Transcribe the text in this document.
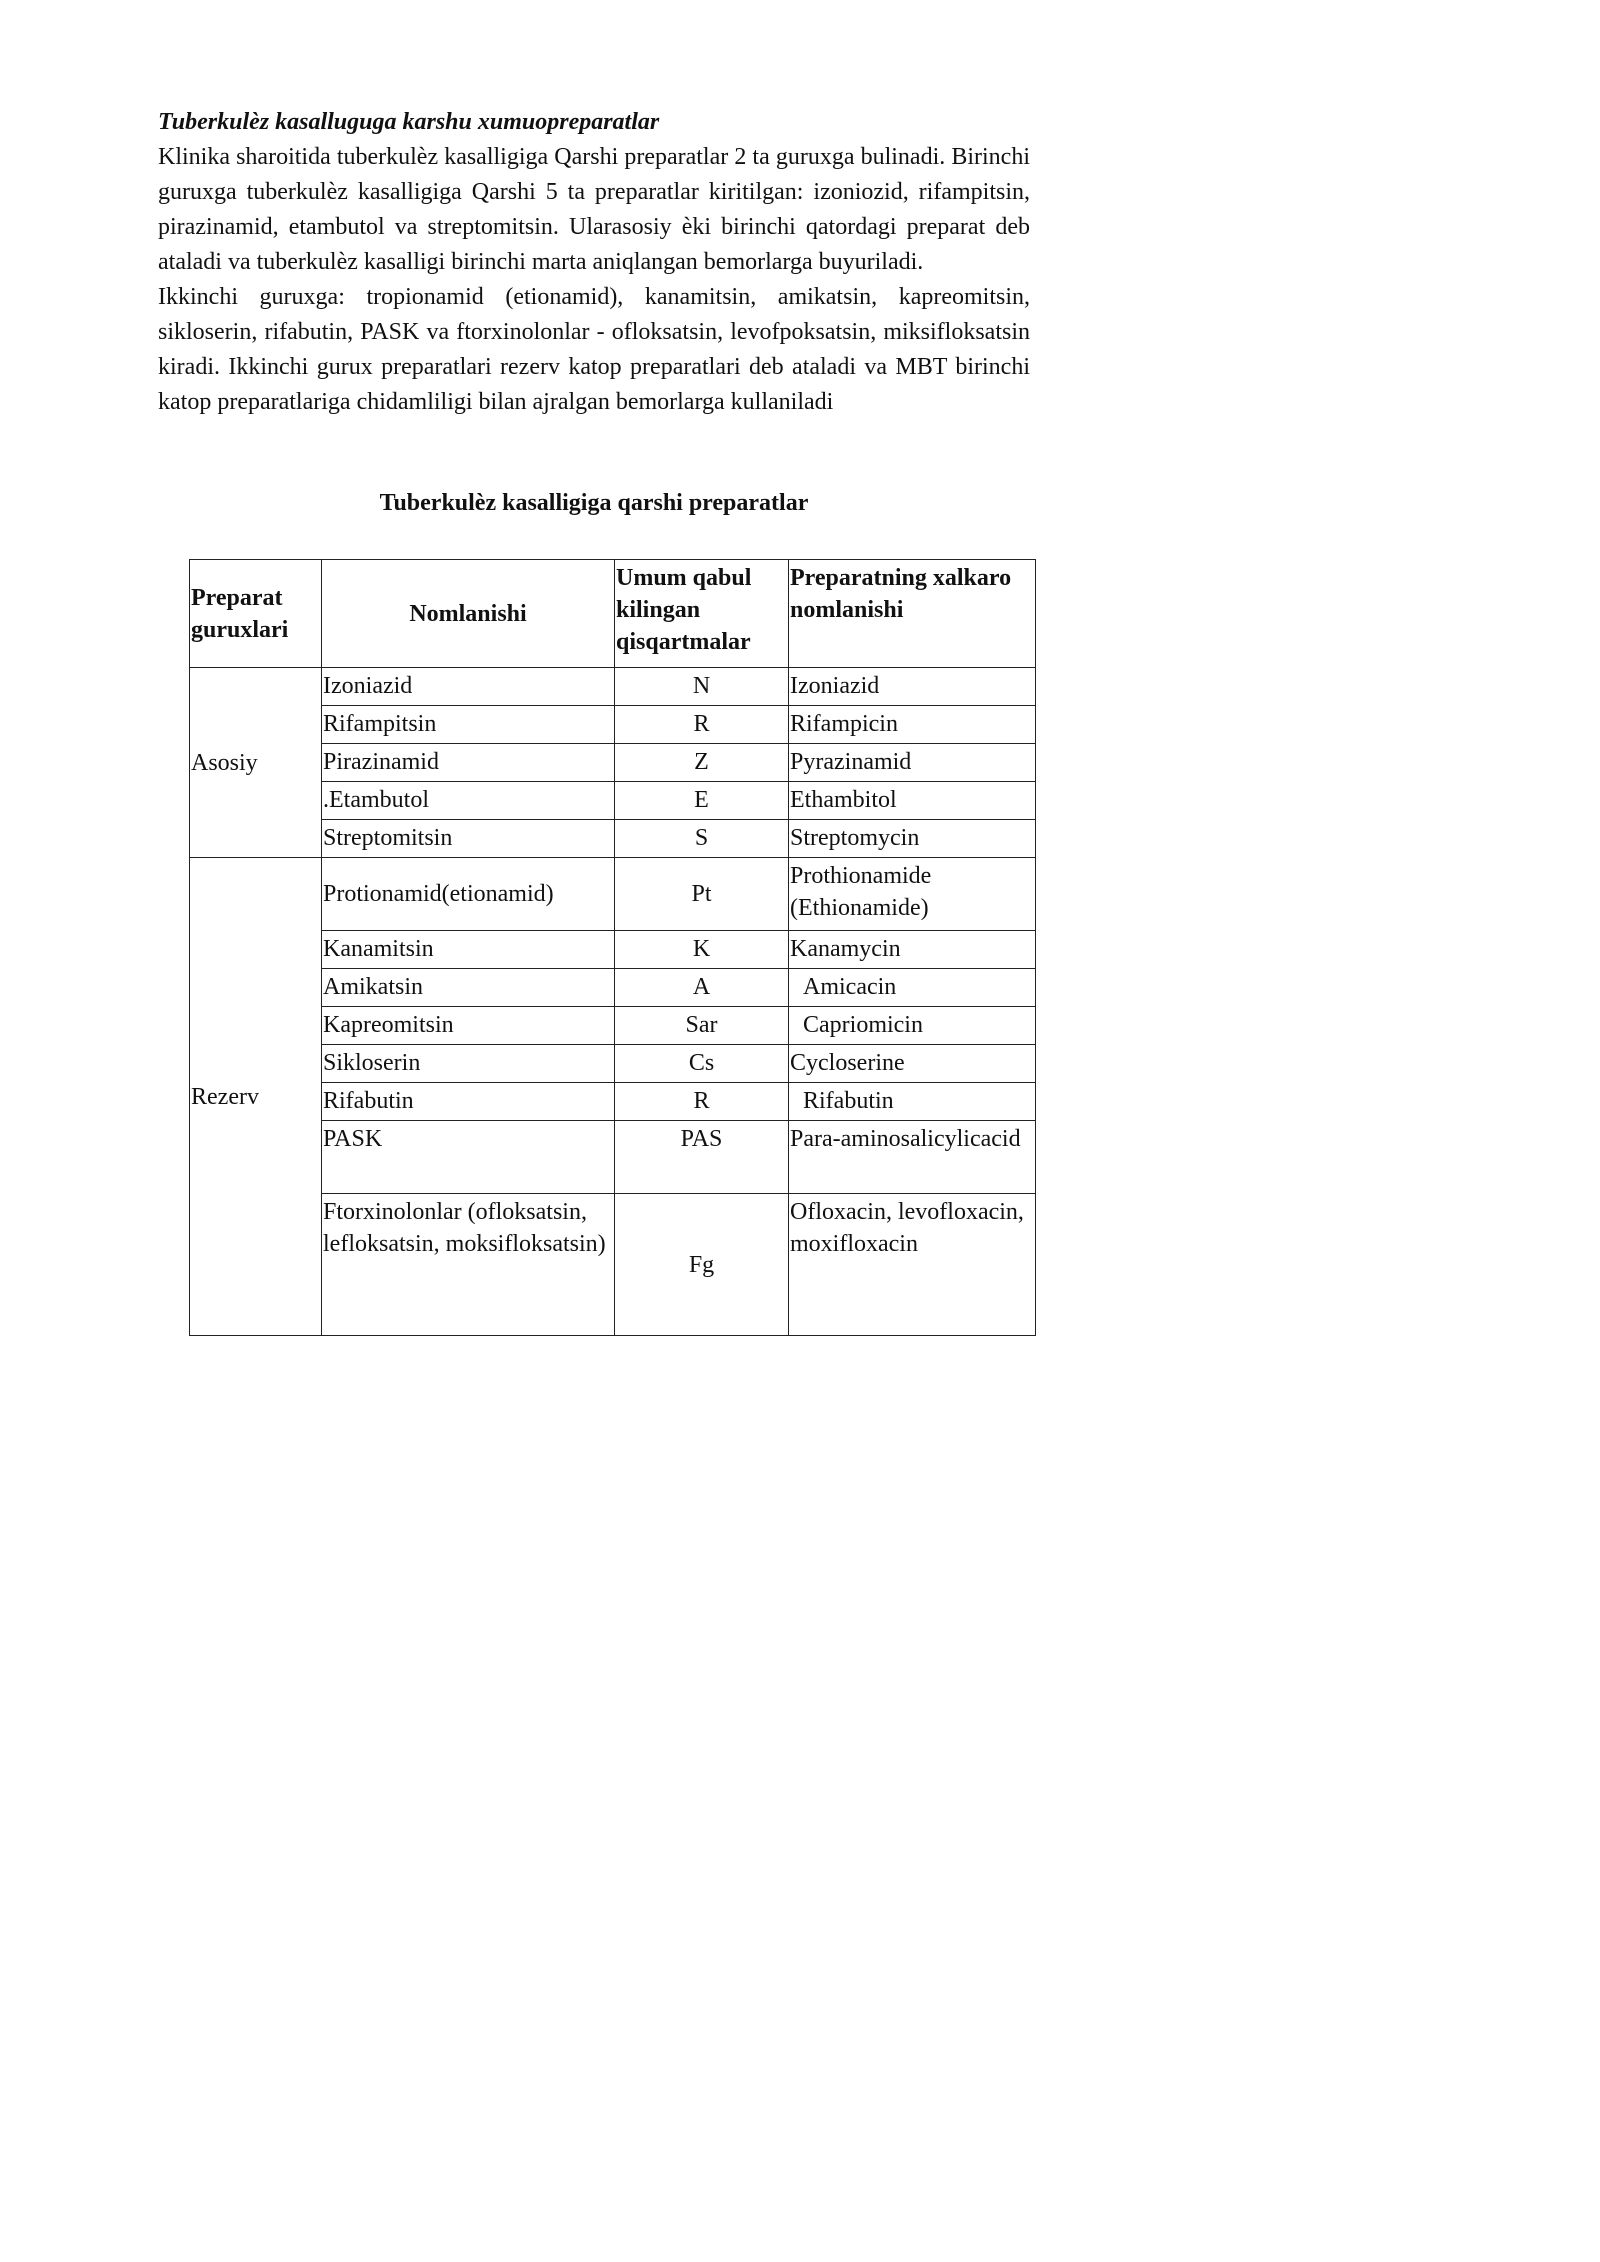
Tuberkulèz kasalluguga karshu xumuopreparatlar

Klinika sharoitida tuberkulèz kasalligiga Qarshi preparatlar 2 ta guruxga bulinadi. Birinchi guruxga tuberkulèz kasalligiga Qarshi 5 ta preparatlar kiritilgan: izoniozid, rifampitsin, pirazinamid, etambutol va streptomitsin. Ularasosiy èki birinchi qatordagi preparat deb ataladi va tuberkulèz kasalligi birinchi marta aniqlangan bemorlarga buyuriladi.

Ikkinchi guruxga: tropionamid (etionamid), kanamitsin, amikatsin, kapreomitsin, sikloserin, rifabutin, PASK va ftorxinolonlar - ofloksatsin, levofpoksatsin, miksifloksatsin kiradi. Ikkinchi gurux preparatlari rezerv katop preparatlari deb ataladi va MBT birinchi katop preparatlariga chidamliligi bilan ajralgan bemorlarga kullaniladi

Tuberkulèz kasalligiga qarshi preparatlar
Preparat guruxlari	Nomlanishi	Umum qabul kilingan qisqartmalar	Preparatning xalkaro nomlanishi
Asosiy	Izoniazid	N	Izoniazid
	Rifampitsin	R	Rifampicin
	Pirazinamid	Z	Pyrazinamid
	.Etambutol	E	Ethambitol
	Streptomitsin	S	Streptomycin
Rezerv	Protionamid(etionamid)	Pt	Prothionamide (Ethionamide)
	Kanamitsin	K	Kanamycin
	Amikatsin	A	Amicacin
	Kapreomitsin	Sar	Capriomicin
	Sikloserin	Cs	Cycloserine
	Rifabutin	R	Rifabutin
	PASK	PAS	Para-aminosalicylicacid
	Ftorxinolonlar (ofloksatsin, lefloksatsin, moksifloksatsin)	Fg	Ofloxacin, levofloxacin, moxifloxacin
